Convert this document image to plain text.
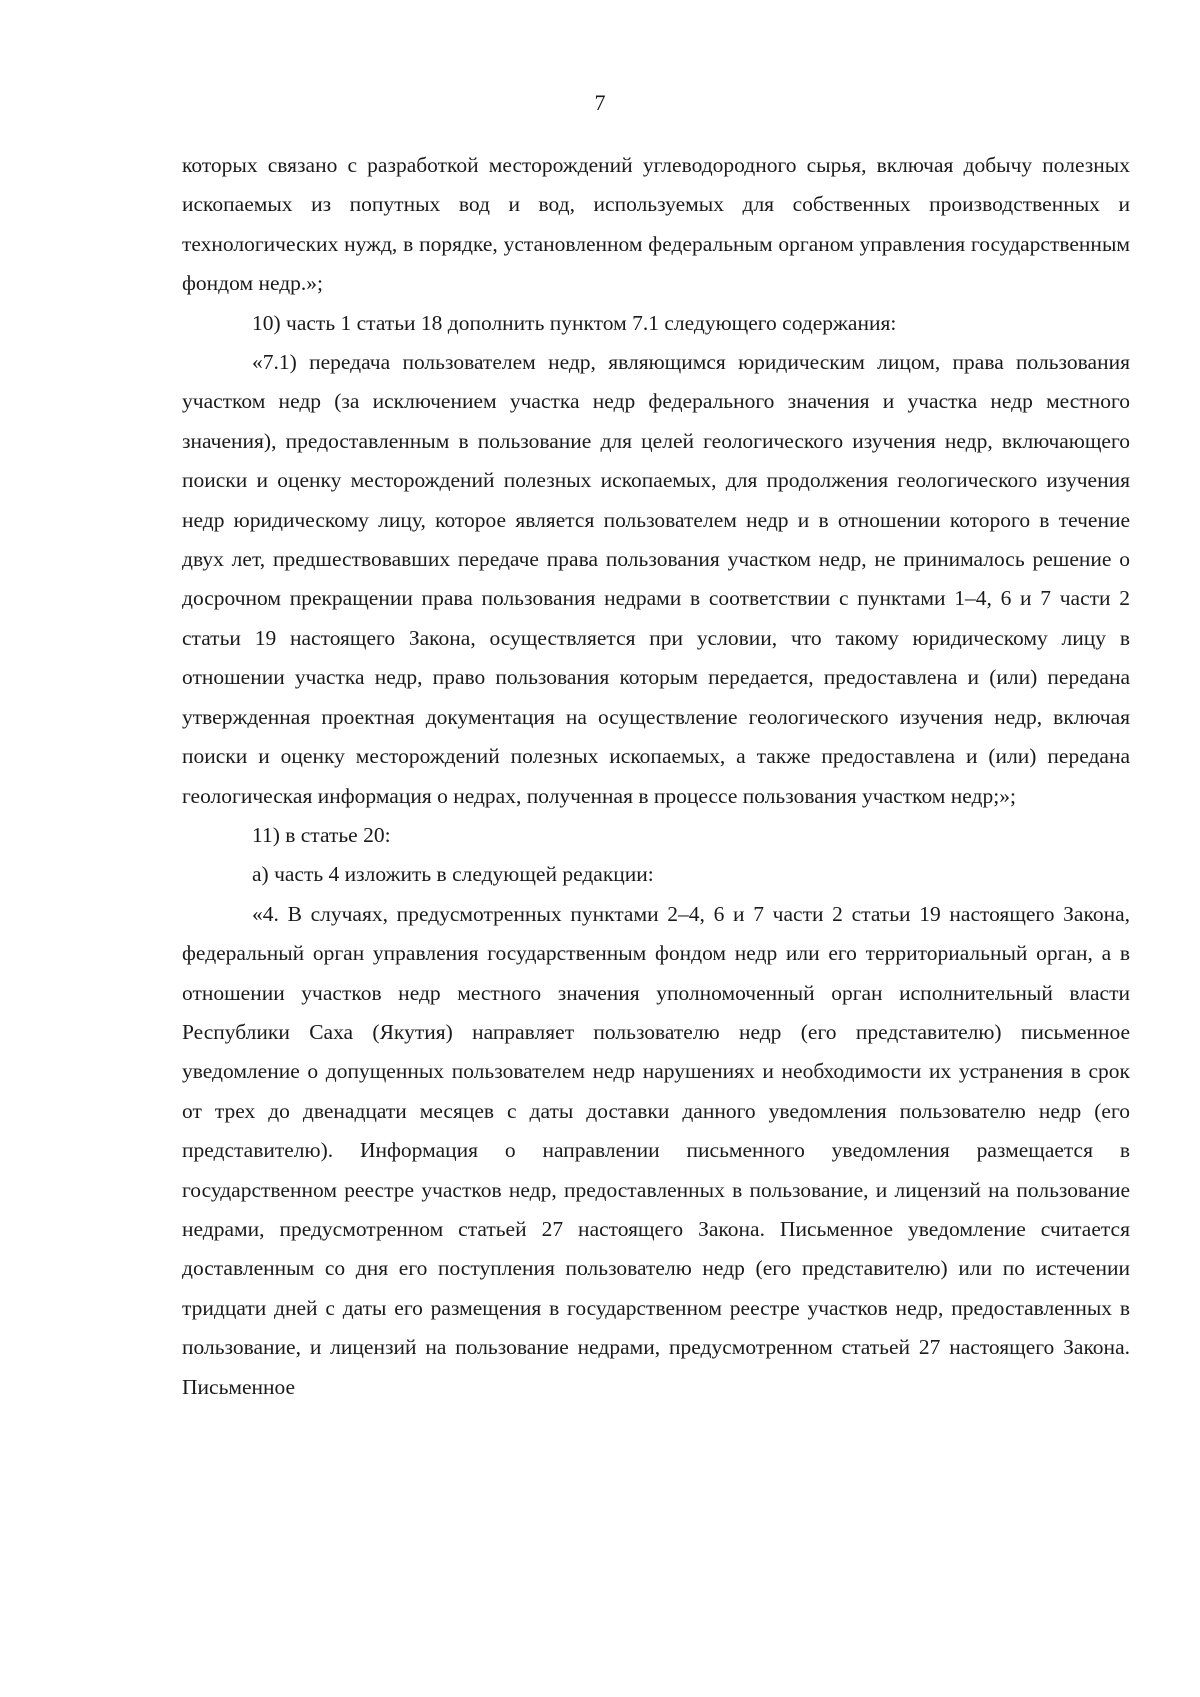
7

которых связано с разработкой месторождений углеводородного сырья, включая добычу полезных ископаемых из попутных вод и вод, используемых для собственных производственных и технологических нужд, в порядке, установленном федеральным органом управления государственным фондом недр.»;

10) часть 1 статьи 18 дополнить пунктом 7.1 следующего содержания:

«7.1) передача пользователем недр, являющимся юридическим лицом, права пользования участком недр (за исключением участка недр федерального значения и участка недр местного значения), предоставленным в пользование для целей геологического изучения недр, включающего поиски и оценку месторождений полезных ископаемых, для продолжения геологического изучения недр юридическому лицу, которое является пользователем недр и в отношении которого в течение двух лет, предшествовавших передаче права пользования участком недр, не принималось решение о досрочном прекращении права пользования недрами в соответствии с пунктами 1–4, 6 и 7 части 2 статьи 19 настоящего Закона, осуществляется при условии, что такому юридическому лицу в отношении участка недр, право пользования которым передается, предоставлена и (или) передана утвержденная проектная документация на осуществление геологического изучения недр, включая поиски и оценку месторождений полезных ископаемых, а также предоставлена и (или) передана геологическая информация о недрах, полученная в процессе пользования участком недр;»;

11) в статье 20:

а) часть 4 изложить в следующей редакции:

«4. В случаях, предусмотренных пунктами 2–4, 6 и 7 части 2 статьи 19 настоящего Закона, федеральный орган управления государственным фондом недр или его территориальный орган, а в отношении участков недр местного значения уполномоченный орган исполнительный власти Республики Саха (Якутия) направляет пользователю недр (его представителю) письменное уведомление о допущенных пользователем недр нарушениях и необходимости их устранения в срок от трех до двенадцати месяцев с даты доставки данного уведомления пользователю недр (его представителю). Информация о направлении письменного уведомления размещается в государственном реестре участков недр, предоставленных в пользование, и лицензий на пользование недрами, предусмотренном статьей 27 настоящего Закона. Письменное уведомление считается доставленным со дня его поступления пользователю недр (его представителю) или по истечении тридцати дней с даты его размещения в государственном реестре участков недр, предоставленных в пользование, и лицензий на пользование недрами, предусмотренном статьей 27 настоящего Закона. Письменное
